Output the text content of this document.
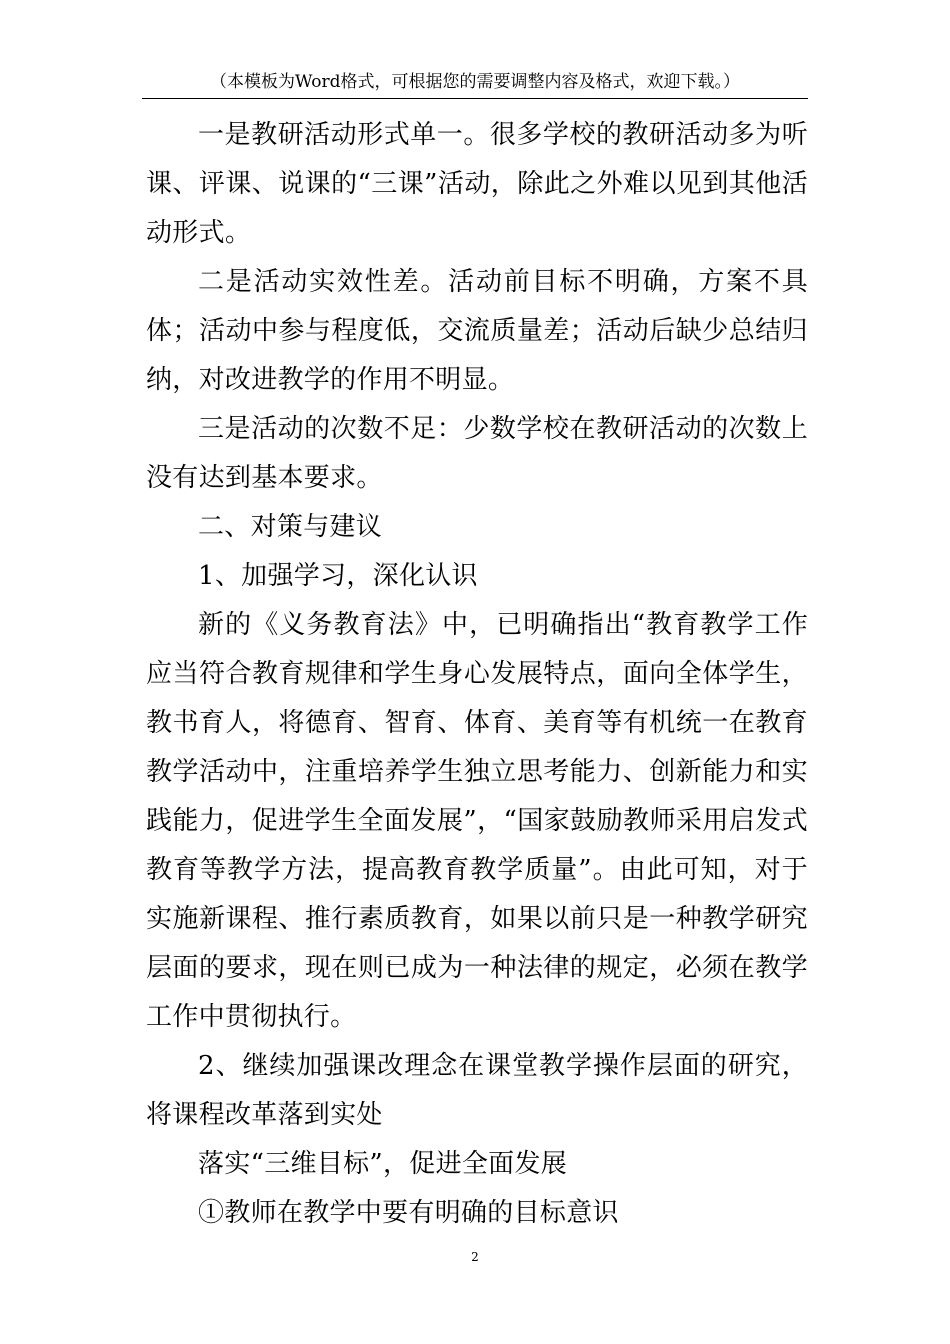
（本模板为Word格式，可根据您的需要调整内容及格式，欢迎下载。）

一是教研活动形式单一。很多学校的教研活动多为听课、评课、说课的“三课”活动，除此之外难以见到其他活动形式。

二是活动实效性差。活动前目标不明确，方案不具体；活动中参与程度低，交流质量差；活动后缺少总结归纳，对改进教学的作用不明显。

三是活动的次数不足：少数学校在教研活动的次数上没有达到基本要求。

二、对策与建议

1、加强学习，深化认识

新的《义务教育法》中，已明确指出“教育教学工作应当符合教育规律和学生身心发展特点，面向全体学生，教书育人，将德育、智育、体育、美育等有机统一在教育教学活动中，注重培养学生独立思考能力、创新能力和实践能力，促进学生全面发展”，“国家鼓励教师采用启发式教育等教学方法，提高教育教学质量”。由此可知，对于实施新课程、推行素质教育，如果以前只是一种教学研究层面的要求，现在则已成为一种法律的规定，必须在教学工作中贯彻执行。

2、继续加强课改理念在课堂教学操作层面的研究，将课程改革落到实处

落实“三维目标”，促进全面发展

①教师在教学中要有明确的目标意识

2
